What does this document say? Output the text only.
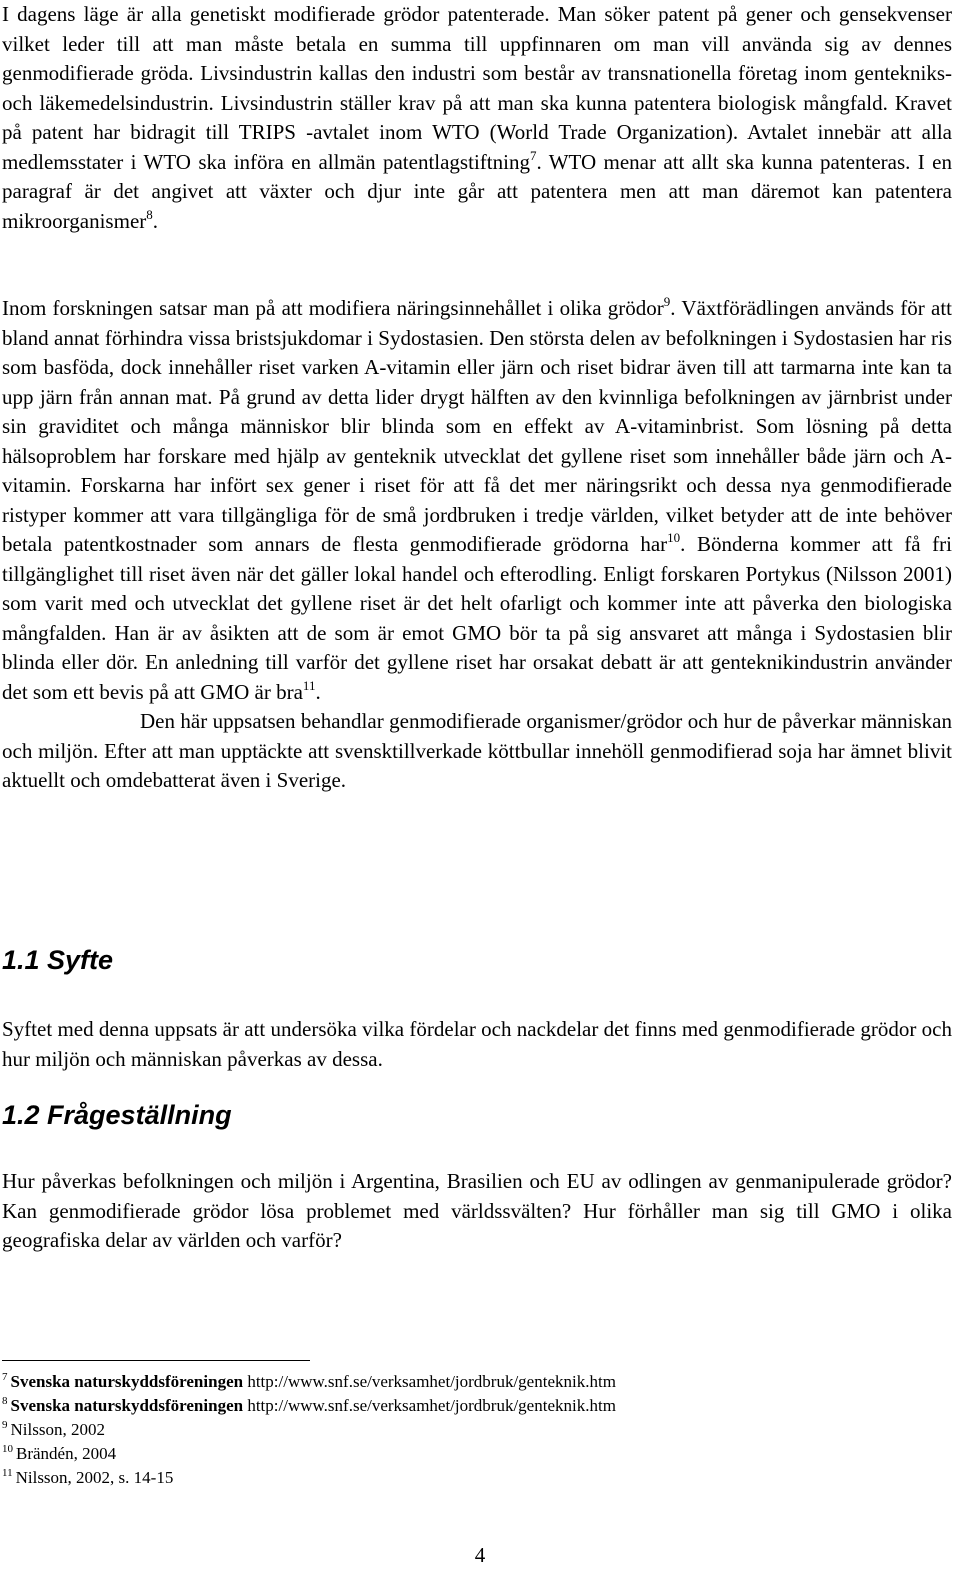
I dagens läge är alla genetiskt modifierade grödor patenterade. Man söker patent på gener och gensekvenser vilket leder till att man måste betala en summa till uppfinnaren om man vill använda sig av dennes genmodifierade gröda. Livsindustrin kallas den industri som består av transnationella företag inom gentekniks- och läkemedelsindustrin. Livsindustrin ställer krav på att man ska kunna patentera biologisk mångfald. Kravet på patent har bidragit till TRIPS -avtalet inom WTO (World Trade Organization). Avtalet innebär att alla medlemsstater i WTO ska införa en allmän patentlagstiftning$^7$. WTO menar att allt ska kunna patenteras. I en paragraf är det angivet att växter och djur inte går att patentera men att man däremot kan patentera mikroorganismer$^8$.

Inom forskningen satsar man på att modifiera näringsinnehållet i olika grödor$^9$. Växtförädlingen används för att bland annat förhindra vissa bristsjukdomar i Sydostasien. Den största delen av befolkningen i Sydostasien har ris som basföda, dock innehåller riset varken A-vitamin eller järn och riset bidrar även till att tarmarna inte kan ta upp järn från annan mat. På grund av detta lider drygt hälften av den kvinnliga befolkningen av järnbrist under sin graviditet och många människor blir blinda som en effekt av A-vitaminbrist. Som lösning på detta hälsoproblem har forskare med hjälp av genteknik utvecklat det gyllene riset som innehåller både järn och A-vitamin. Forskarna har infört sex gener i riset för att få det mer näringsrikt och dessa nya genmodifierade ristyper kommer att vara tillgängliga för de små jordbruken i tredje världen, vilket betyder att de inte behöver betala patentkostnader som annars de flesta genmodifierade grödorna har$^{10}$. Bönderna kommer att få fri tillgänglighet till riset även när det gäller lokal handel och efterodling. Enligt forskaren Portykus (Nilsson 2001) som varit med och utvecklat det gyllene riset är det helt ofarligt och kommer inte att påverka den biologiska mångfalden. Han är av åsikten att de som är emot GMO bör ta på sig ansvaret att många i Sydostasien blir blinda eller dör. En anledning till varför det gyllene riset har orsakat debatt är att genteknikindustrin använder det som ett bevis på att GMO är bra$^{11}$.
Den här uppsatsen behandlar genmodifierade organismer/grödor och hur de påverkar människan och miljön. Efter att man upptäckte att svensktillverkade köttbullar innehöll genmodifierad soja har ämnet blivit aktuellt och omdebatterat även i Sverige.

1.1 Syfte

Syftet med denna uppsats är att undersöka vilka fördelar och nackdelar det finns med genmodifierade grödor och hur miljön och människan påverkas av dessa.

1.2 Frågeställning

Hur påverkas befolkningen och miljön i Argentina, Brasilien och EU av odlingen av genmanipulerade grödor? Kan genmodifierade grödor lösa problemet med världssvälten? Hur förhåller man sig till GMO i olika geografiska delar av världen och varför?

$^7$ Svenska naturskyddsföreningen http://www.snf.se/verksamhet/jordbruk/genteknik.htm

$^8$ Svenska naturskyddsföreningen http://www.snf.se/verksamhet/jordbruk/genteknik.htm

$^9$ Nilsson, 2002

$^{10}$ Brändén, 2004

$^{11}$ Nilsson, 2002, s. 14-15

4
